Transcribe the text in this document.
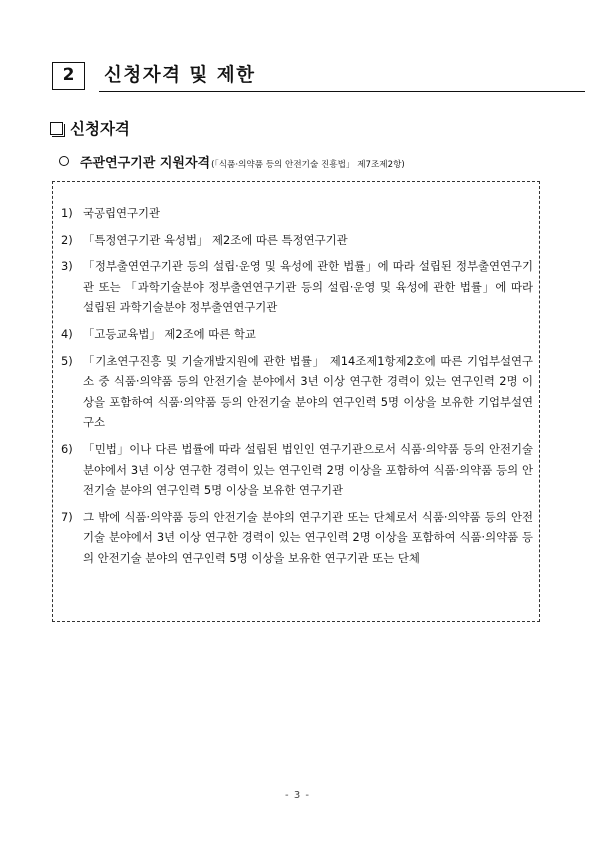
2	신청자격 및 제한
신청자격
주관연구기관 지원자격 (「식품·의약품 등의 안전기술 진흥법」 제7조제2항)
1) 국공립연구기관
2) 「특정연구기관 육성법」 제2조에 따른 특정연구기관
3) 「정부출연연구기관 등의 설립·운영 및 육성에 관한 법률」에 따라 설립된 정부출연연구기관 또는 「과학기술분야 정부출연연구기관 등의 설립·운영 및 육성에 관한 법률」에 따라 설립된 과학기술분야 정부출연연구기관
4) 「고등교육법」 제2조에 따른 학교
5) 「기초연구진흥 및 기술개발지원에 관한 법률」 제14조제1항제2호에 따른 기업부설연구소 중 식품·의약품 등의 안전기술 분야에서 3년 이상 연구한 경력이 있는 연구인력 2명 이상을 포함하여 식품·의약품 등의 안전기술 분야의 연구인력 5명 이상을 보유한 기업부설연구소
6) 「민법」이나 다른 법률에 따라 설립된 법인인 연구기관으로서 식품·의약품 등의 안전기술 분야에서 3년 이상 연구한 경력이 있는 연구인력 2명 이상을 포함하여 식품·의약품 등의 안전기술 분야의 연구인력 5명 이상을 보유한 연구기관
7) 그 밖에 식품·의약품 등의 안전기술 분야의 연구기관 또는 단체로서 식품·의약품 등의 안전기술 분야에서 3년 이상 연구한 경력이 있는 연구인력 2명 이상을 포함하여 식품·의약품 등의 안전기술 분야의 연구인력 5명 이상을 보유한 연구기관 또는 단체
- 3 -
